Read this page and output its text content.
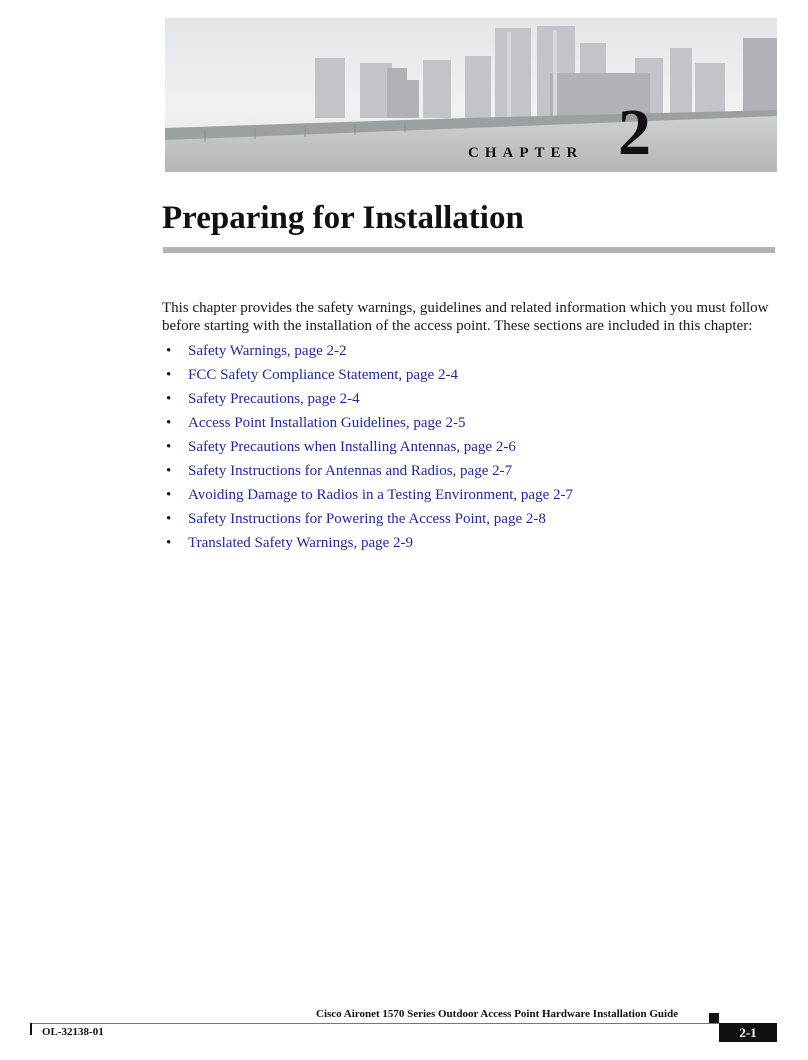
CHAPTER 2
Preparing for Installation

This chapter provides the safety warnings, guidelines and related information which you must follow before starting with the installation of the access point. These sections are included in this chapter:

• Safety Warnings, page 2-2
• FCC Safety Compliance Statement, page 2-4
• Safety Precautions, page 2-4
• Access Point Installation Guidelines, page 2-5
• Safety Precautions when Installing Antennas, page 2-6
• Safety Instructions for Antennas and Radios, page 2-7
• Avoiding Damage to Radios in a Testing Environment, page 2-7
• Safety Instructions for Powering the Access Point, page 2-8
• Translated Safety Warnings, page 2-9

Cisco Aironet 1570 Series Outdoor Access Point Hardware Installation Guide

OL-32138-01	2-1
